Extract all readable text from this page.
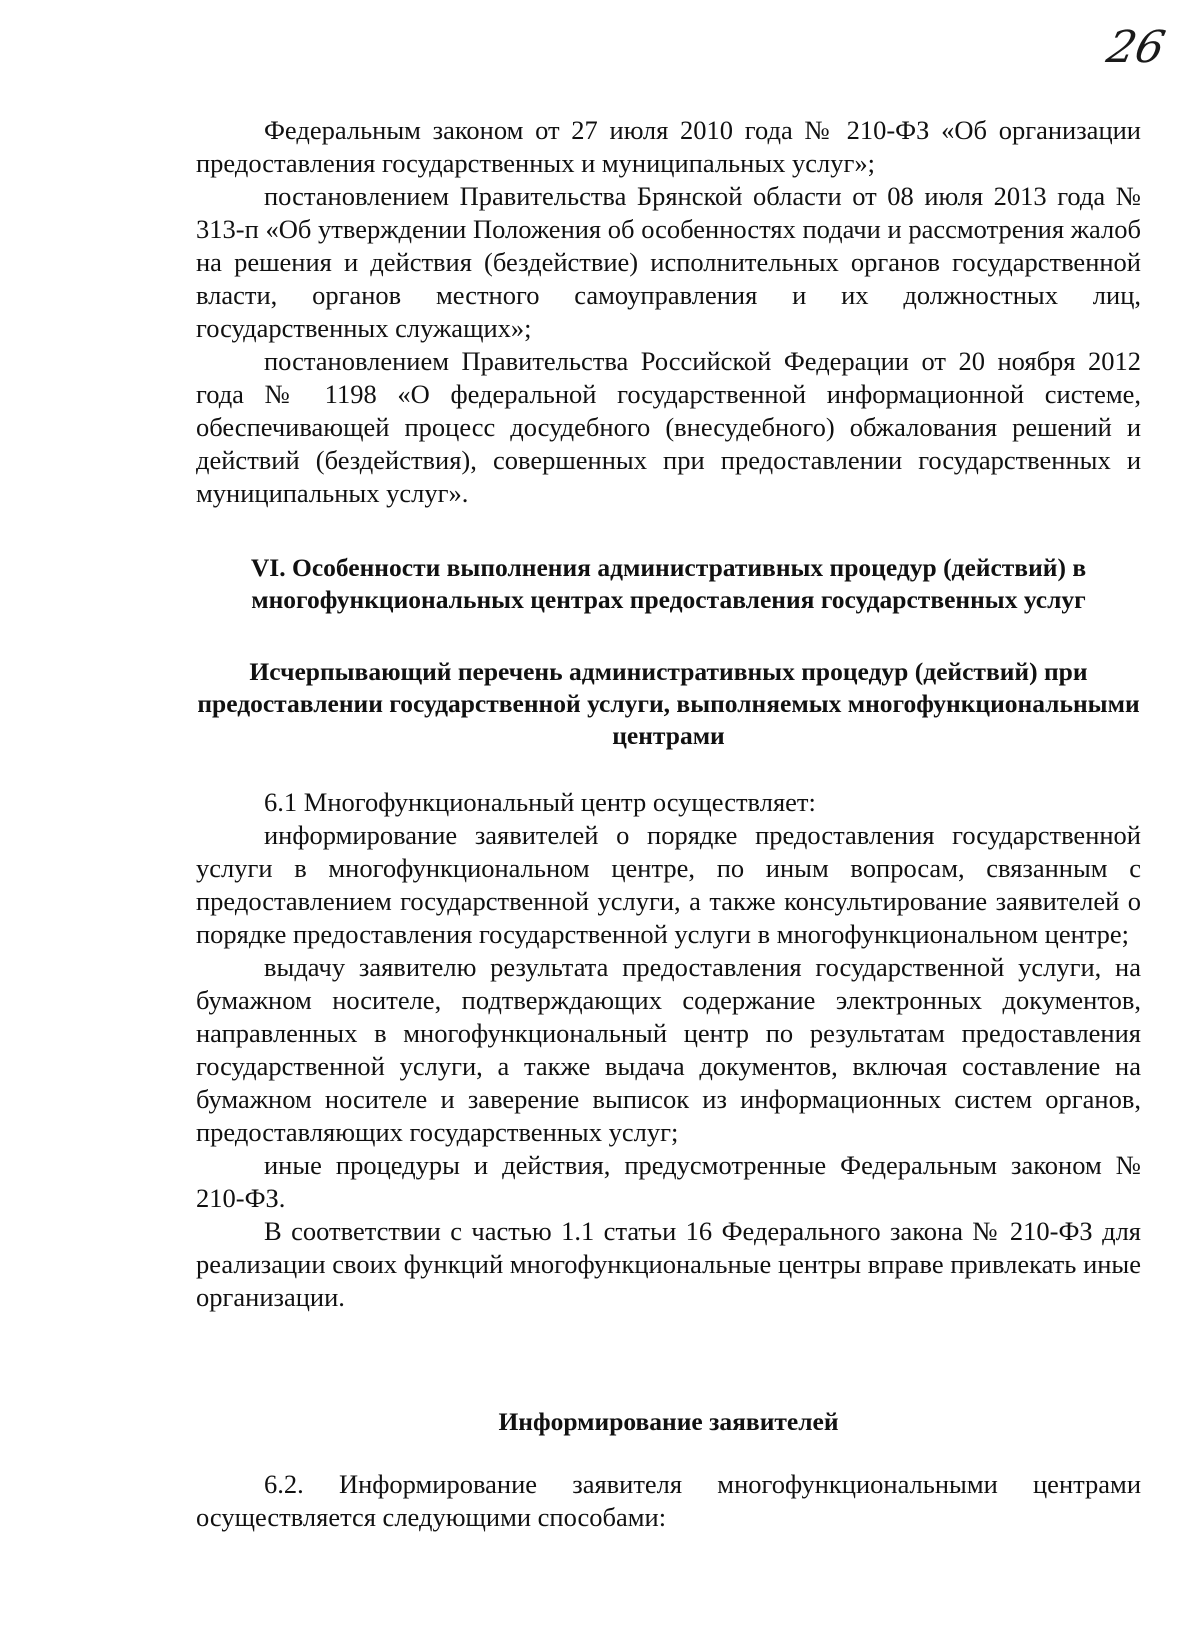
26

Федеральным законом от 27 июля 2010 года № 210-ФЗ «Об организации предоставления государственных и муниципальных услуг»;

постановлением Правительства Брянской области от 08 июля 2013 года № 313-п «Об утверждении Положения об особенностях подачи и рассмотрения жалоб на решения и действия (бездействие) исполнительных органов государственной власти, органов местного самоуправления и их должностных лиц, государственных служащих»;

постановлением Правительства Российской Федерации от 20 ноября 2012 года № 1198 «О федеральной государственной информационной системе, обеспечивающей процесс досудебного (внесудебного) обжалования решений и действий (бездействия), совершенных при предоставлении государственных и муниципальных услуг».

VI. Особенности выполнения административных процедур (действий) в многофункциональных центрах предоставления государственных услуг
Исчерпывающий перечень административных процедур (действий) при предоставлении государственной услуги, выполняемых многофункциональными центрами

6.1 Многофункциональный центр осуществляет:

информирование заявителей о порядке предоставления государственной услуги в многофункциональном центре, по иным вопросам, связанным с предоставлением государственной услуги, а также консультирование заявителей о порядке предоставления государственной услуги в многофункциональном центре;

выдачу заявителю результата предоставления государственной услуги, на бумажном носителе, подтверждающих содержание электронных документов, направленных в многофункциональный центр по результатам предоставления государственной услуги, а также выдача документов, включая составление на бумажном носителе и заверение выписок из информационных систем органов, предоставляющих государственных услуг;

иные процедуры и действия, предусмотренные Федеральным законом № 210-ФЗ.

В соответствии с частью 1.1 статьи 16 Федерального закона № 210-ФЗ для реализации своих функций многофункциональные центры вправе привлекать иные организации.

Информирование заявителей

6.2. Информирование заявителя многофункциональными центрами осуществляется следующими способами:
